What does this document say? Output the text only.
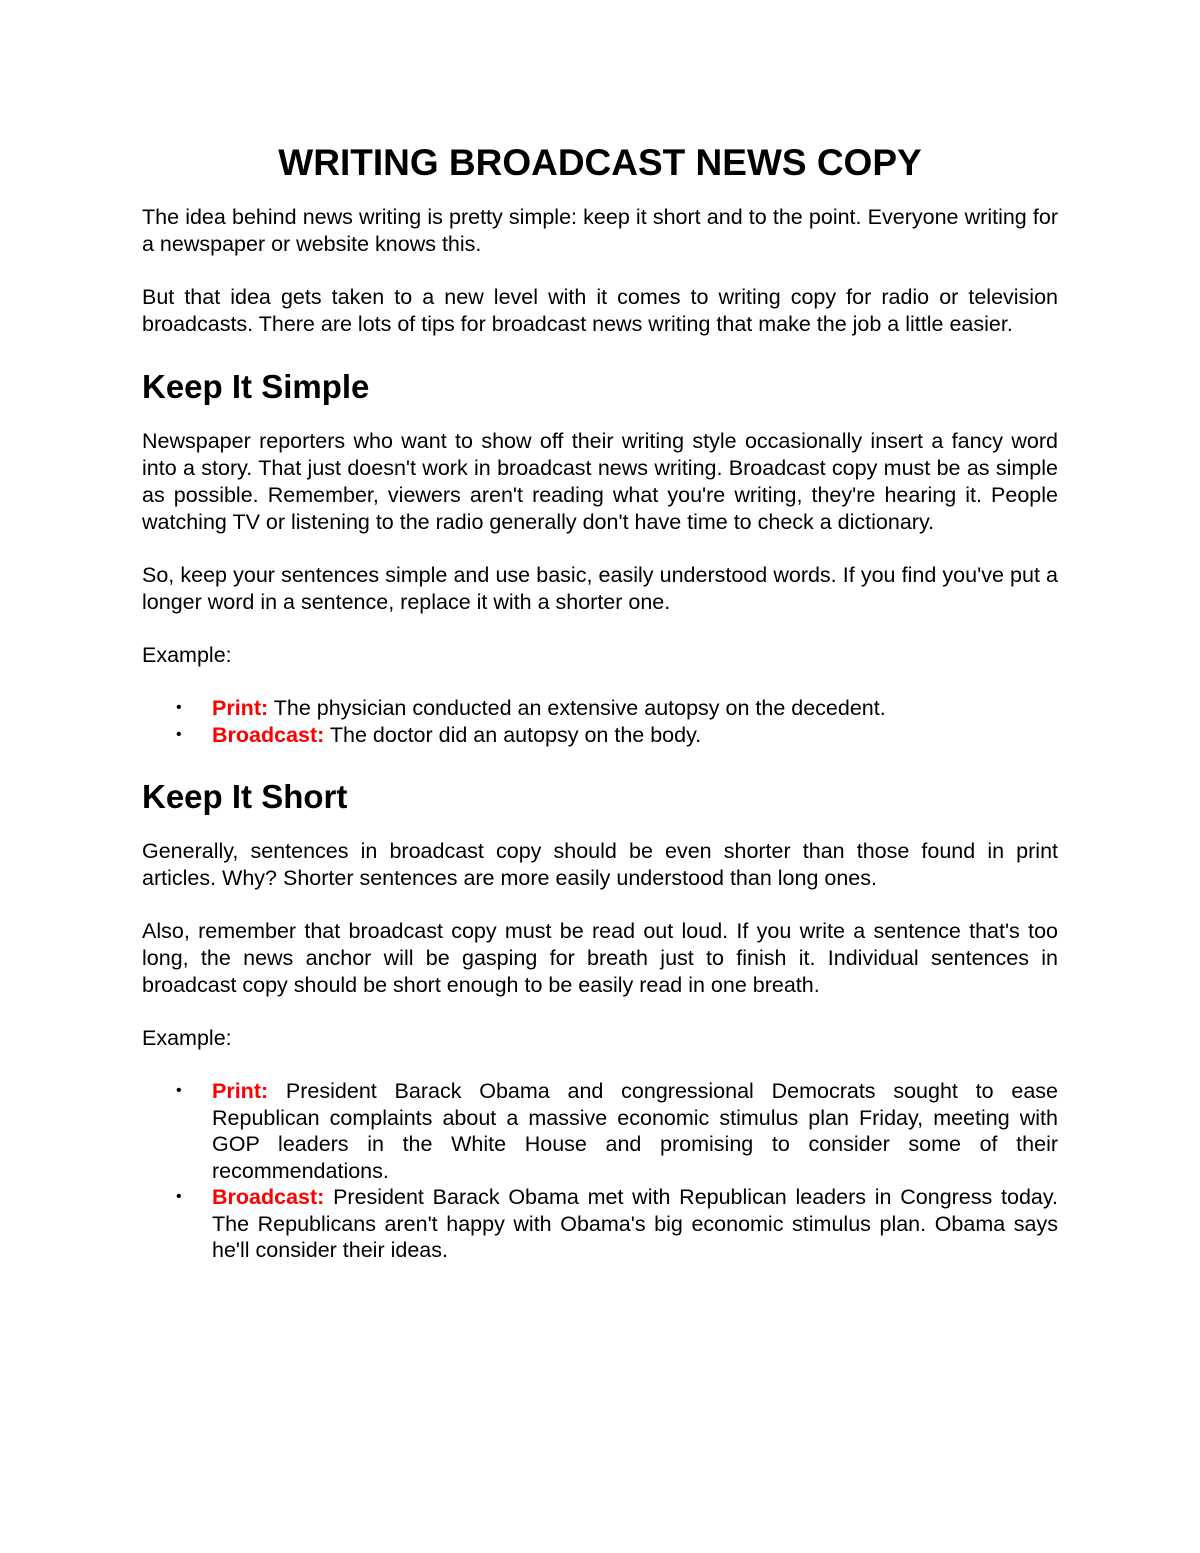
WRITING BROADCAST NEWS COPY

The idea behind news writing is pretty simple: keep it short and to the point. Everyone writing for a newspaper or website knows this.

But that idea gets taken to a new level with it comes to writing copy for radio or television broadcasts. There are lots of tips for broadcast news writing that make the job a little easier.

Keep It Simple

Newspaper reporters who want to show off their writing style occasionally insert a fancy word into a story. That just doesn't work in broadcast news writing. Broadcast copy must be as simple as possible. Remember, viewers aren't reading what you're writing, they're hearing it. People watching TV or listening to the radio generally don't have time to check a dictionary.

So, keep your sentences simple and use basic, easily understood words. If you find you've put a longer word in a sentence, replace it with a shorter one.

Example:

• Print: The physician conducted an extensive autopsy on the decedent.
• Broadcast: The doctor did an autopsy on the body.
Keep It Short

Generally, sentences in broadcast copy should be even shorter than those found in print articles. Why? Shorter sentences are more easily understood than long ones.

Also, remember that broadcast copy must be read out loud. If you write a sentence that's too long, the news anchor will be gasping for breath just to finish it. Individual sentences in broadcast copy should be short enough to be easily read in one breath.

Example:

• Print: President Barack Obama and congressional Democrats sought to ease Republican complaints about a massive economic stimulus plan Friday, meeting with GOP leaders in the White House and promising to consider some of their recommendations.
• Broadcast: President Barack Obama met with Republican leaders in Congress today. The Republicans aren't happy with Obama's big economic stimulus plan. Obama says he'll consider their ideas.
